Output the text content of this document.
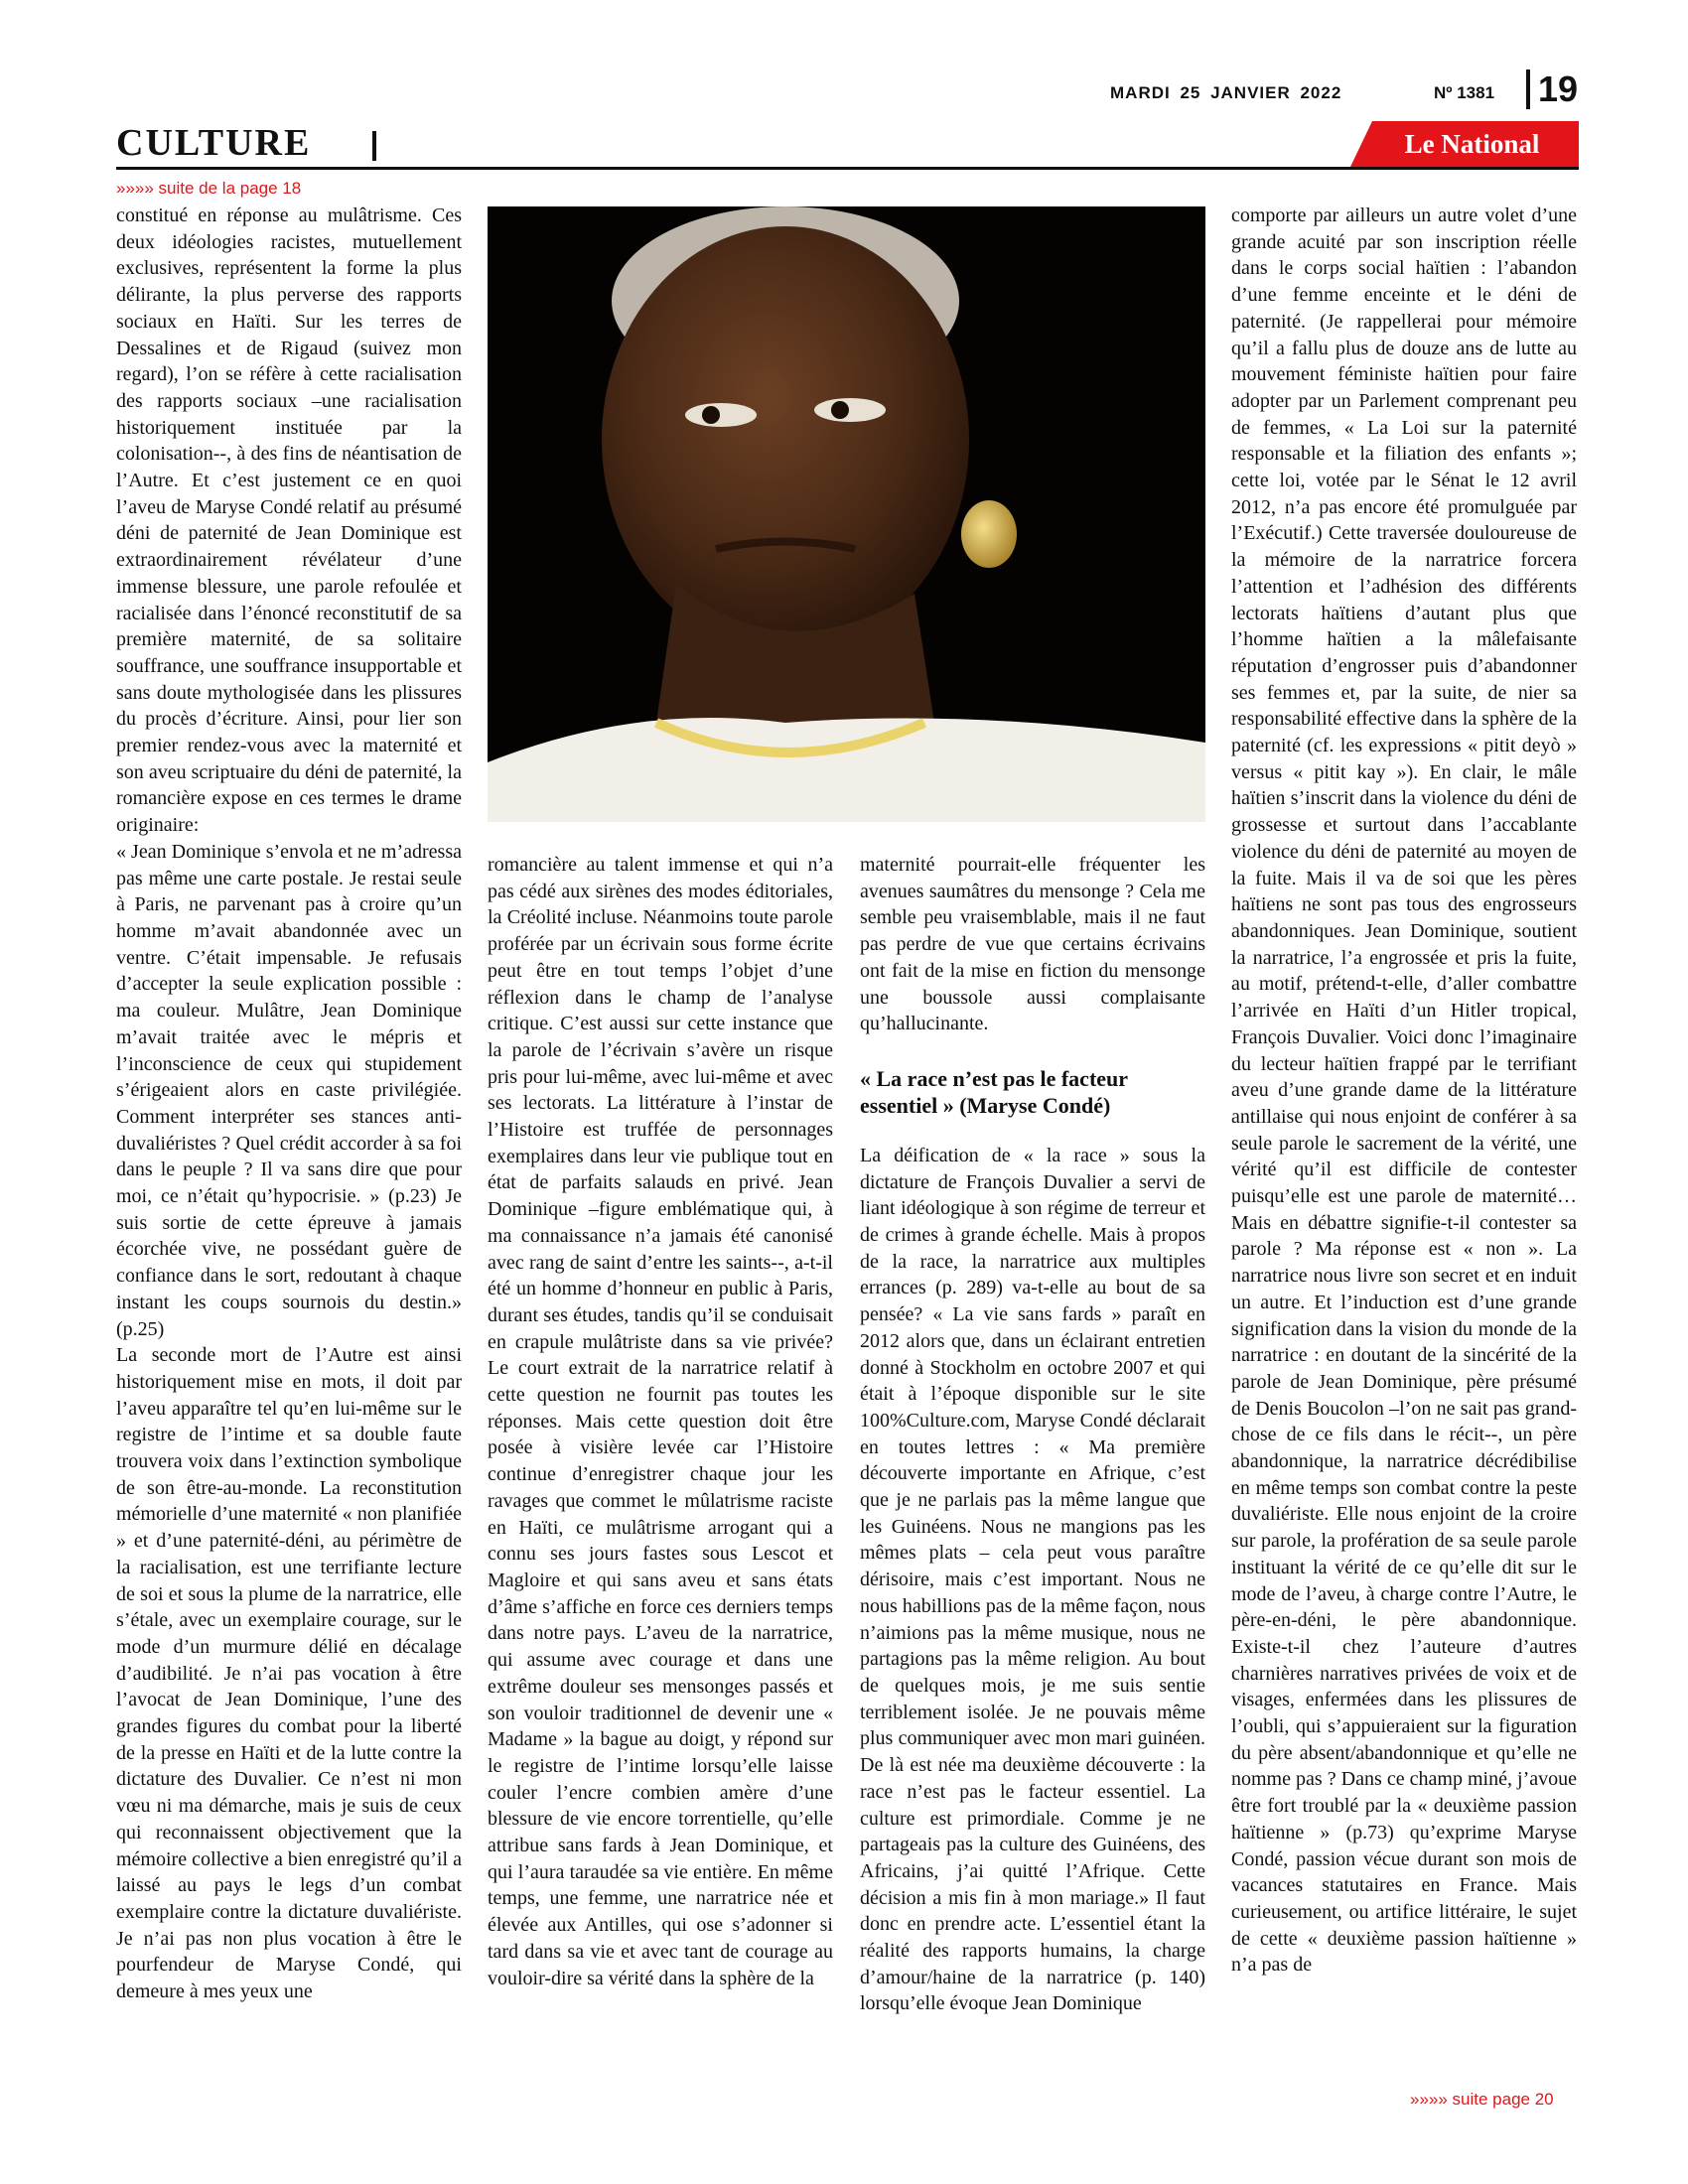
MARDI 25 JANVIER 2022	Nº 1381 19
CULTURE	Le National
»»»» suite de la page 18

constitué en réponse au mulâtrisme. Ces deux idéologies racistes, mutuellement exclusives, représentent la forme la plus délirante, la plus perverse des rapports sociaux en Haïti. Sur les terres de Dessalines et de Rigaud (suivez mon regard), l’on se réfère à cette racialisation des rapports sociaux –une racialisation historiquement instituée par la colonisation--, à des fins de néantisation de l’Autre. Et c’est justement ce en quoi l’aveu de Maryse Condé relatif au présumé déni de paternité de Jean Dominique est extraordinairement révélateur d’une immense blessure, une parole refoulée et racialisée dans l’énoncé reconstitutif de sa première maternité, de sa solitaire souffrance, une souffrance insupportable et sans doute mythologisée dans les plissures du procès d’écriture. Ainsi, pour lier son premier rendez-vous avec la maternité et son aveu scriptuaire du déni de paternité, la romancière expose en ces termes le drame originaire:

« Jean Dominique s’envola et ne m’adressa pas même une carte postale. Je restai seule à Paris, ne parvenant pas à croire qu’un homme m’avait abandonnée avec un ventre. C’était impensable. Je refusais d’accepter la seule explication possible : ma couleur. Mulâtre, Jean Dominique m’avait traitée avec le mépris et l’inconscience de ceux qui stupidement s’érigeaient alors en caste privilégiée. Comment interpréter ses stances anti-duvaliéristes ? Quel crédit accorder à sa foi dans le peuple ? Il va sans dire que pour moi, ce n’était qu’hypocrisie. » (p.23) Je suis sortie de cette épreuve à jamais écorchée vive, ne possédant guère de confiance dans le sort, redoutant à chaque instant les coups sournois du destin.» (p.25)

La seconde mort de l’Autre est ainsi historiquement mise en mots, il doit par l’aveu apparaître tel qu’en lui-même sur le registre de l’intime et sa double faute trouvera voix dans l’extinction symbolique de son être-au-monde. La reconstitution mémorielle d’une maternité « non planifiée » et d’une paternité-déni, au périmètre de la racialisation, est une terrifiante lecture de soi et sous la plume de la narratrice, elle s’étale, avec un exemplaire courage, sur le mode d’un murmure délié en décalage d’audibilité. Je n’ai pas vocation à être l’avocat de Jean Dominique, l’une des grandes figures du combat pour la liberté de la presse en Haïti et de la lutte contre la dictature des Duvalier. Ce n’est ni mon vœu ni ma démarche, mais je suis de ceux qui reconnaissent objectivement que la mémoire collective a bien enregistré qu’il a laissé au pays le legs d’un combat exemplaire contre la dictature duvaliériste. Je n’ai pas non plus vocation à être le pourfendeur de Maryse Condé, qui demeure à mes yeux une

romancière au talent immense et qui n’a pas cédé aux sirènes des modes éditoriales, la Créolité incluse. Néanmoins toute parole proférée par un écrivain sous forme écrite peut être en tout temps l’objet d’une réflexion dans le champ de l’analyse critique. C’est aussi sur cette instance que la parole de l’écrivain s’avère un risque pris pour lui-même, avec lui-même et avec ses lectorats. La littérature à l’instar de l’Histoire est truffée de personnages exemplaires dans leur vie publique tout en état de parfaits salauds en privé. Jean Dominique –figure emblématique qui, à ma connaissance n’a jamais été canonisé avec rang de saint d’entre les saints--, a-t-il été un homme d’honneur en public à Paris, durant ses études, tandis qu’il se conduisait en crapule mulâtriste dans sa vie privée? Le court extrait de la narratrice relatif à cette question ne fournit pas toutes les réponses. Mais cette question doit être posée à visière levée car l’Histoire continue d’enregistrer chaque jour les ravages que commet le mûlatrisme raciste en Haïti, ce mulâtrisme arrogant qui a connu ses jours fastes sous Lescot et Magloire et qui sans aveu et sans états d’âme s’affiche en force ces derniers temps dans notre pays. L’aveu de la narratrice, qui assume avec courage et dans une extrême douleur ses mensonges passés et son vouloir traditionnel de devenir une « Madame » la bague au doigt, y répond sur le registre de l’intime lorsqu’elle laisse couler l’encre combien amère d’une blessure de vie encore torrentielle, qu’elle attribue sans fards à Jean Dominique, et qui l’aura taraudée sa vie entière. En même temps, une femme, une narratrice née et élevée aux Antilles, qui ose s’adonner si tard dans sa vie et avec tant de courage au vouloir-dire sa vérité dans la sphère de la

maternité pourrait-elle fréquenter les avenues saumâtres du mensonge ? Cela me semble peu vraisemblable, mais il ne faut pas perdre de vue que certains écrivains ont fait de la mise en fiction du mensonge une boussole aussi complaisante qu’hallucinante.

« La race n’est pas le facteur essentiel » (Maryse Condé)

La déification de « la race » sous la dictature de François Duvalier a servi de liant idéologique à son régime de terreur et de crimes à grande échelle. Mais à propos de la race, la narratrice aux multiples errances (p. 289) va-t-elle au bout de sa pensée? « La vie sans fards » paraît en 2012 alors que, dans un éclairant entretien donné à Stockholm en octobre 2007 et qui était à l’époque disponible sur le site 100%Culture.com, Maryse Condé déclarait en toutes lettres : « Ma première découverte importante en Afrique, c’est que je ne parlais pas la même langue que les Guinéens. Nous ne mangions pas les mêmes plats – cela peut vous paraître dérisoire, mais c’est important. Nous ne nous habillions pas de la même façon, nous n’aimions pas la même musique, nous ne partagions pas la même religion. Au bout de quelques mois, je me suis sentie terriblement isolée. Je ne pouvais même plus communiquer avec mon mari guinéen. De là est née ma deuxième découverte : la race n’est pas le facteur essentiel. La culture est primordiale. Comme je ne partageais pas la culture des Guinéens, des Africains, j’ai quitté l’Afrique. Cette décision a mis fin à mon mariage.» Il faut donc en prendre acte. L’essentiel étant la réalité des rapports humains, la charge d’amour/haine de la narratrice (p. 140) lorsqu’elle évoque Jean Dominique

comporte par ailleurs un autre volet d’une grande acuité par son inscription réelle dans le corps social haïtien : l’abandon d’une femme enceinte et le déni de paternité. (Je rappellerai pour mémoire qu’il a fallu plus de douze ans de lutte au mouvement féministe haïtien pour faire adopter par un Parlement comprenant peu de femmes, « La Loi sur la paternité responsable et la filiation des enfants »; cette loi, votée par le Sénat le 12 avril 2012, n’a pas encore été promulguée par l’Exécutif.) Cette traversée douloureuse de la mémoire de la narratrice forcera l’attention et l’adhésion des différents lectorats haïtiens d’autant plus que l’homme haïtien a la mâlefaisante réputation d’engrosser puis d’abandonner ses femmes et, par la suite, de nier sa responsabilité effective dans la sphère de la paternité (cf. les expressions « pitit deyò » versus « pitit kay »). En clair, le mâle haïtien s’inscrit dans la violence du déni de grossesse et surtout dans l’accablante violence du déni de paternité au moyen de la fuite. Mais il va de soi que les pères haïtiens ne sont pas tous des engrosseurs abandonniques. Jean Dominique, soutient la narratrice, l’a engrossée et pris la fuite, au motif, prétend-t-elle, d’aller combattre l’arrivée en Haïti d’un Hitler tropical, François Duvalier. Voici donc l’imaginaire du lecteur haïtien frappé par le terrifiant aveu d’une grande dame de la littérature antillaise qui nous enjoint de conférer à sa seule parole le sacrement de la vérité, une vérité qu’il est difficile de contester puisqu’elle est une parole de maternité… Mais en débattre signifie-t-il contester sa parole ? Ma réponse est « non ». La narratrice nous livre son secret et en induit un autre. Et l’induction est d’une grande signification dans la vision du monde de la narratrice : en doutant de la sincérité de la parole de Jean Dominique, père présumé de Denis Boucolon –l’on ne sait pas grand-chose de ce fils dans le récit--, un père abandonnique, la narratrice décrédibilise en même temps son combat contre la peste duvaliériste. Elle nous enjoint de la croire sur parole, la profération de sa seule parole instituant la vérité de ce qu’elle dit sur le mode de l’aveu, à charge contre l’Autre, le père-en-déni, le père abandonnique. Existe-t-il chez l’auteure d’autres charnières narratives privées de voix et de visages, enfermées dans les plissures de l’oubli, qui s’appuieraient sur la figuration du père absent/abandonnique et qu’elle ne nomme pas ? Dans ce champ miné, j’avoue être fort troublé par la « deuxième passion haïtienne » (p.73) qu’exprime Maryse Condé, passion vécue durant son mois de vacances statutaires en France. Mais curieusement, ou artifice littéraire, le sujet de cette « deuxième passion haïtienne » n’a pas de

»»»» suite page 20
